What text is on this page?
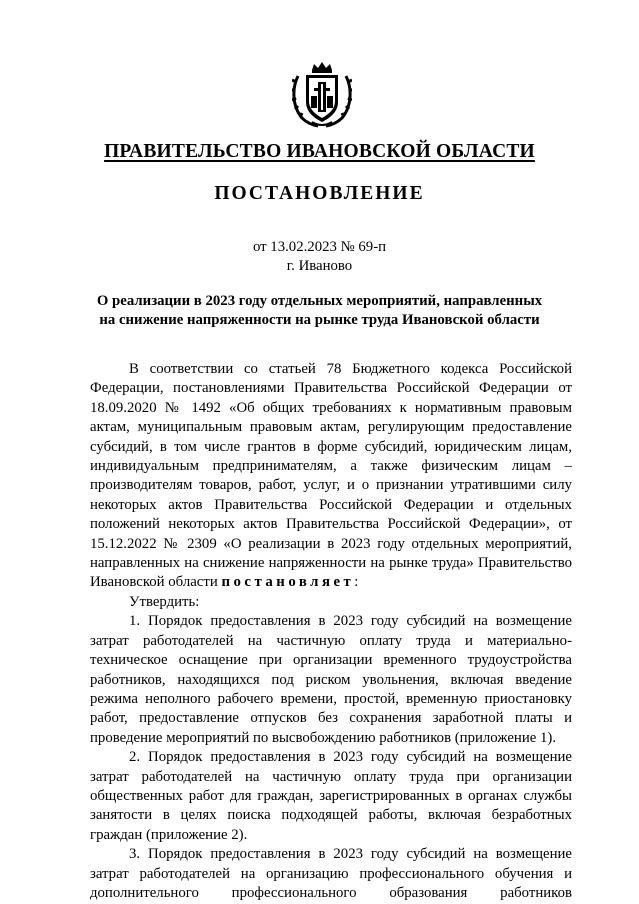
ПРАВИТЕЛЬСТВО ИВАНОВСКОЙ ОБЛАСТИ
ПОСТАНОВЛЕНИЕ
от 13.02.2023 № 69-п
г. Иваново
О реализации в 2023 году отдельных мероприятий, направленных
на снижение напряженности на рынке труда Ивановской области

В соответствии со статьей 78 Бюджетного кодекса Российской Федерации, постановлениями Правительства Российской Федерации от 18.09.2020 № 1492 «Об общих требованиях к нормативным правовым актам, муниципальным правовым актам, регулирующим предоставление субсидий, в том числе грантов в форме субсидий, юридическим лицам, индивидуальным предпринимателям, а также физическим лицам – производителям товаров, работ, услуг, и о признании утратившими силу некоторых актов Правительства Российской Федерации и отдельных положений некоторых актов Правительства Российской Федерации», от 15.12.2022 № 2309 «О реализации в 2023 году отдельных мероприятий, направленных на снижение напряженности на рынке труда» Правительство Ивановской области постановляет:

Утвердить:

1. Порядок предоставления в 2023 году субсидий на возмещение затрат работодателей на частичную оплату труда и материально-техническое оснащение при организации временного трудоустройства работников, находящихся под риском увольнения, включая введение режима неполного рабочего времени, простой, временную приостановку работ, предоставление отпусков без сохранения заработной платы и проведение мероприятий по высвобождению работников (приложение 1).

2. Порядок предоставления в 2023 году субсидий на возмещение затрат работодателей на частичную оплату труда при организации общественных работ для граждан, зарегистрированных в органах службы занятости в целях поиска подходящей работы, включая безработных граждан (приложение 2).

3. Порядок предоставления в 2023 году субсидий на возмещение затрат работодателей на организацию профессионального обучения и дополнительного профессионального образования работников
